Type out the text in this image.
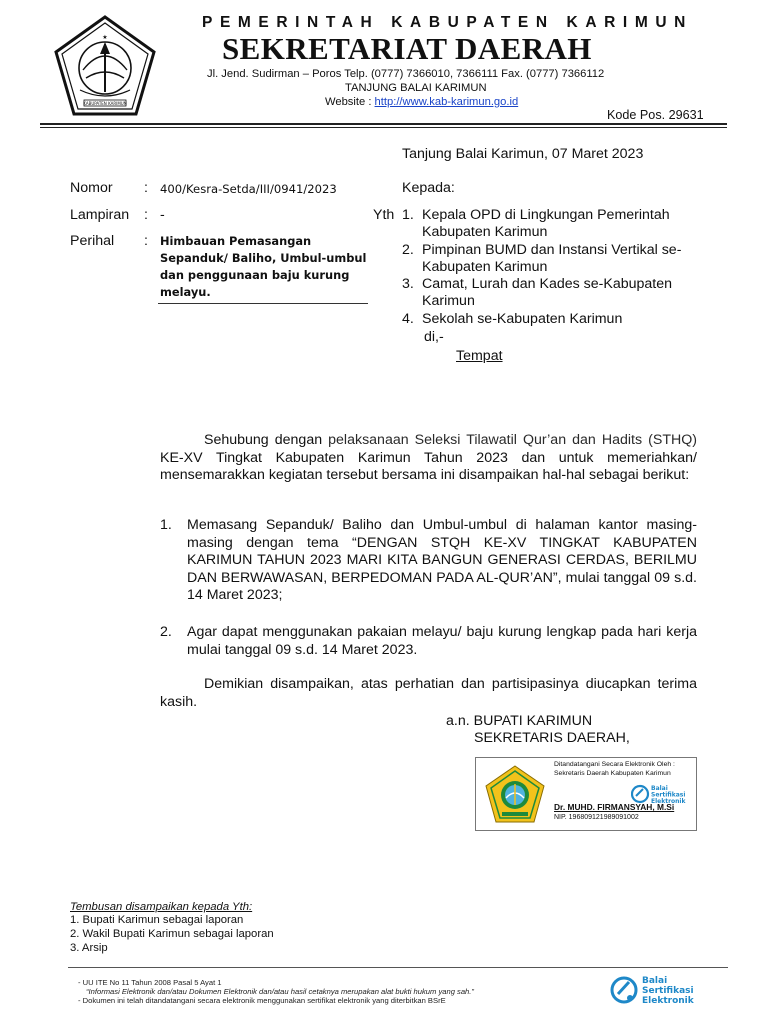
★
KABUPATEN KARIMUN
PEMERINTAH KABUPATEN KARIMUN
SEKRETARIAT DAERAH
Jl. Jend. Sudirman – Poros Telp. (0777) 7366010, 7366111 Fax. (0777) 7366112
TANJUNG BALAI KARIMUN
Website : http://www.kab-karimun.go.id
Kode Pos. 29631
Tanjung Balai Karimun, 07 Maret 2023
Nomor : 400/Kesra-Setda/III/0941/2023
Lampiran : -
Perihal : Himbauan Pemasangan Sepanduk/ Baliho, Umbul-umbul dan penggunaan baju kurung melayu.
Kepada:
Yth 1. Kepala OPD di Lingkungan Pemerintah Kabupaten Karimun
2. Pimpinan BUMD dan Instansi Vertikal se-Kabupaten Karimun
3. Camat, Lurah dan Kades se-Kabupaten Karimun
4. Sekolah se-Kabupaten Karimun
di,-
Tempat
Sehubung dengan pelaksanaan Seleksi Tilawatil Qur’an dan Hadits (STHQ) KE-XV Tingkat Kabupaten Karimun Tahun 2023 dan untuk memeriahkan/ mensemarakkan kegiatan tersebut bersama ini disampaikan hal-hal sebagai berikut:
1. Memasang Sepanduk/ Baliho dan Umbul-umbul di halaman kantor masing-masing dengan tema “DENGAN STQH KE-XV TINGKAT KABUPATEN KARIMUN TAHUN 2023 MARI KITA BANGUN GENERASI CERDAS, BERILMU DAN BERWAWASAN, BERPEDOMAN PADA AL-QUR’AN”, mulai tanggal 09 s.d. 14 Maret 2023;
2. Agar dapat menggunakan pakaian melayu/ baju kurung lengkap pada hari kerja mulai tanggal 09 s.d. 14 Maret 2023.
Demikian disampaikan, atas perhatian dan partisipasinya diucapkan terima kasih.
a.n. BUPATI KARIMUN
SEKRETARIS DAERAH,
Ditandatangani Secara Elektronik Oleh :
Sekretaris Daerah Kabupaten Karimun
Balai
Sertifikasi
Elektronik
Dr. MUHD. FIRMANSYAH, M.Si
NIP. 196809121989091002
Tembusan disampaikan kepada Yth:
1. Bupati Karimun sebagai laporan
2. Wakil Bupati Karimun sebagai laporan
3. Arsip
- UU ITE No 11 Tahun 2008 Pasal 5 Ayat 1
“Informasi Elektronik dan/atau Dokumen Elektronik dan/atau hasil cetaknya merupakan alat bukti hukum yang sah.”
- Dokumen ini telah ditandatangani secara elektronik menggunakan sertifikat elektronik yang diterbitkan BSrE
Balai
Sertifikasi
Elektronik
